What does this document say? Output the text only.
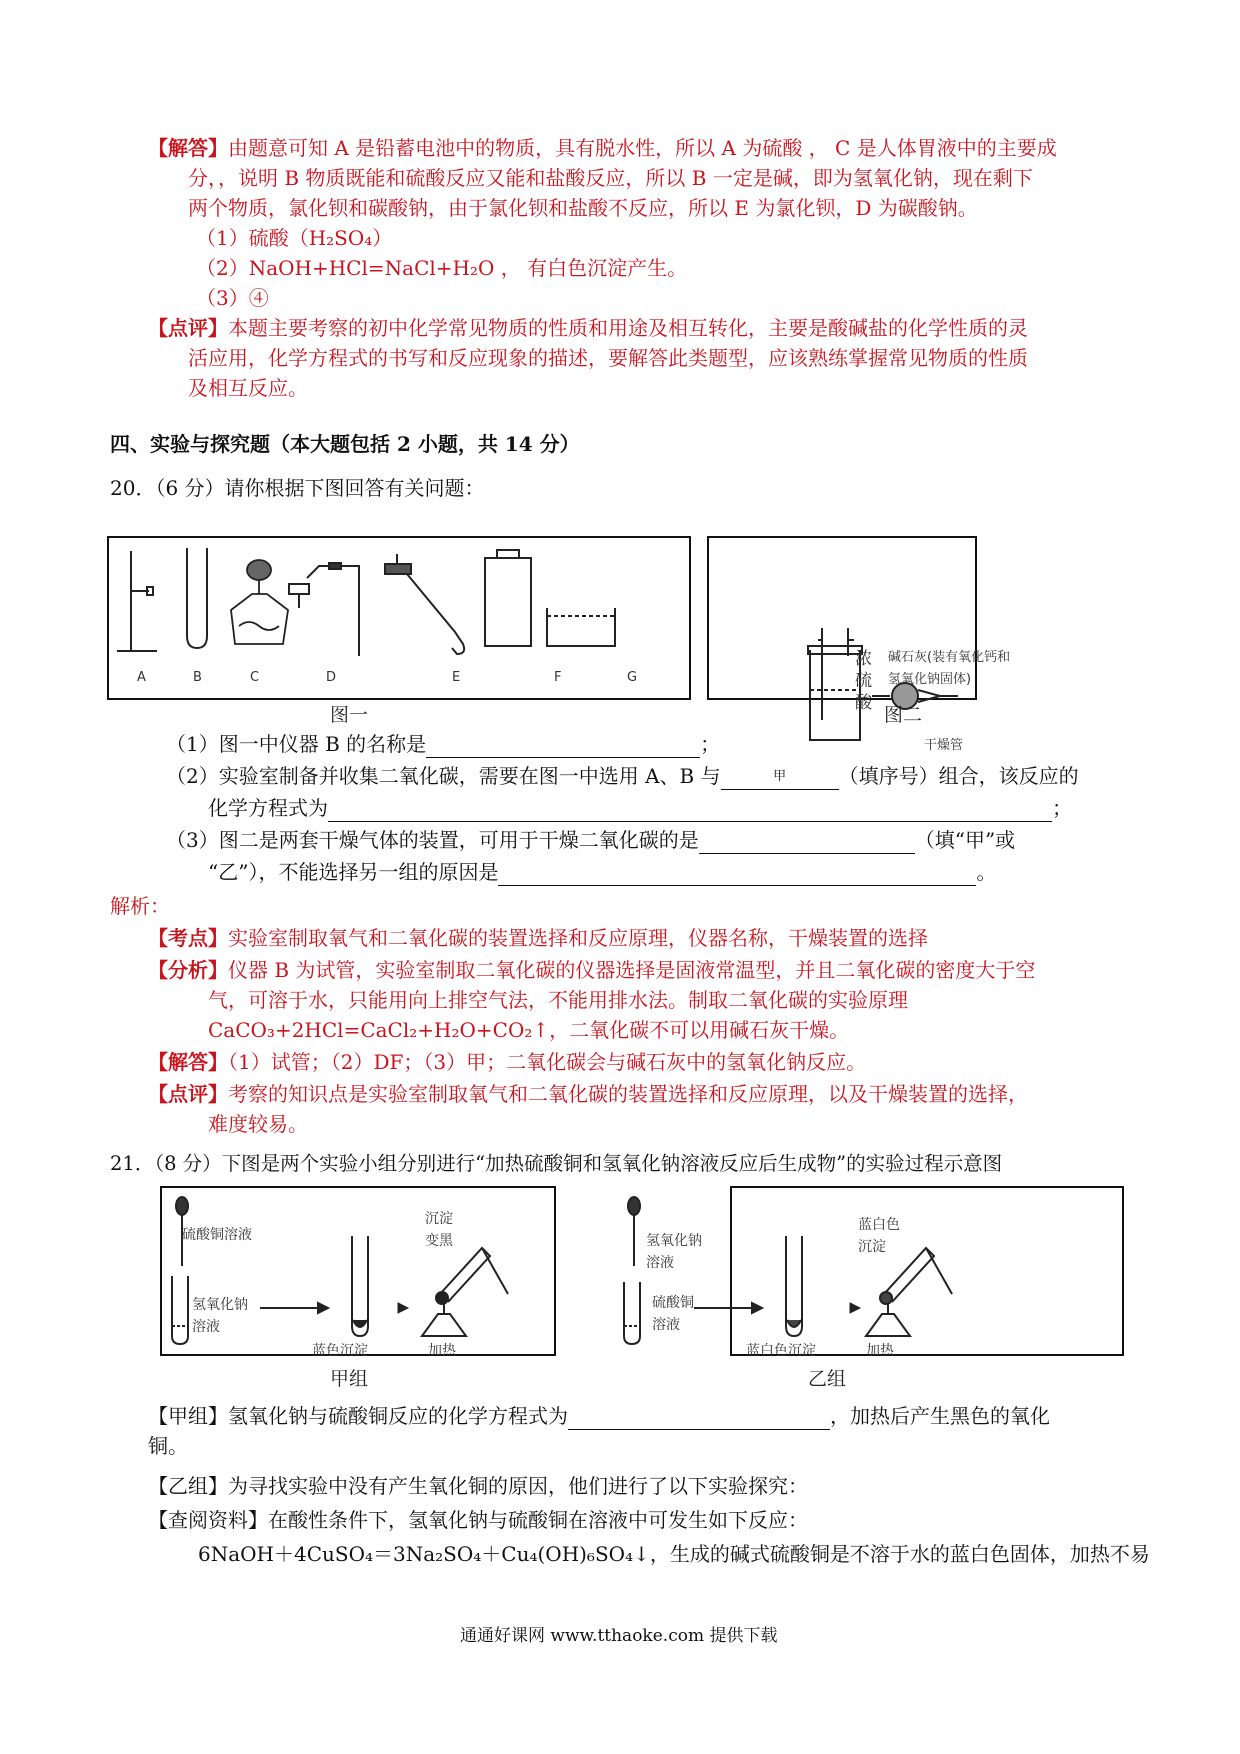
【解答】由题意可知 A 是铅蓄电池中的物质，具有脱水性，所以 A 为硫酸 ， C 是人体胃液中的主要成
分，，说明 B 物质既能和硫酸反应又能和盐酸反应，所以 B 一定是碱，即为氢氧化钠，现在剩下
两个物质，氯化钡和碳酸钠，由于氯化钡和盐酸不反应，所以 E 为氯化钡，D 为碳酸钠。
（1）硫酸（H₂SO₄）
（2）NaOH+HCl=NaCl+H₂O ， 有白色沉淀产生。
（3）④
【点评】本题主要考察的初中化学常见物质的性质和用途及相互转化，主要是酸碱盐的化学性质的灵
活应用，化学方程式的书写和反应现象的描述，要解答此类题型，应该熟练掌握常见物质的性质
及相互反应。
四、实验与探究题（本大题包括 2 小题，共 14 分）
20．（6 分）请你根据下图回答有关问题：
A	B	C	D	E	F	G
图一
浓
硫
酸
碱石灰(装有氧化钙和
氢氧化钠固体)
图二
干燥管
（1）图一中仪器 B 的名称是	；
（2）实验室制备并收集二氧化碳，需要在图一中选用 A、B 与	甲	（填序号）组合，该反应的
化学方程式为	；
（3）图二是两套干燥气体的装置，可用于干燥二氧化碳的是	（填“甲”或
“乙”），不能选择另一组的原因是	。
解析：
【考点】实验室制取氧气和二氧化碳的装置选择和反应原理，仪器名称，干燥装置的选择
【分析】仪器 B 为试管，实验室制取二氧化碳的仪器选择是固液常温型，并且二氧化碳的密度大于空
气，可溶于水，只能用向上排空气法，不能用排水法。制取二氧化碳的实验原理
CaCO₃+2HCl=CaCl₂+H₂O+CO₂↑，二氧化碳不可以用碱石灰干燥。
【解答】（1）试管；（2）DF；（3）甲；二氧化碳会与碱石灰中的氢氧化钠反应。
【点评】考察的知识点是实验室制取氧气和二氧化碳的装置选择和反应原理，以及干燥装置的选择，
难度较易。
21．（8 分）下图是两个实验小组分别进行“加热硫酸铜和氢氧化钠溶液反应后生成物”的实验过程示意图
硫酸铜溶液
氢氧化钠
溶液
蓝色沉淀
沉淀
变黑
加热
甲组
氢氧化钠
溶液
硫酸铜
溶液
蓝白色沉淀
蓝白色
沉淀
加热
乙组
【甲组】氢氧化钠与硫酸铜反应的化学方程式为	，加热后产生黑色的氧化
铜。
【乙组】为寻找实验中没有产生氧化铜的原因，他们进行了以下实验探究：
【查阅资料】在酸性条件下，氢氧化钠与硫酸铜在溶液中可发生如下反应：
6NaOH＋4CuSO₄＝3Na₂SO₄＋Cu₄(OH)₆SO₄↓，生成的碱式硫酸铜是不溶于水的蓝白色固体，加热不易
通通好课网 www.tthaoke.com 提供下载
